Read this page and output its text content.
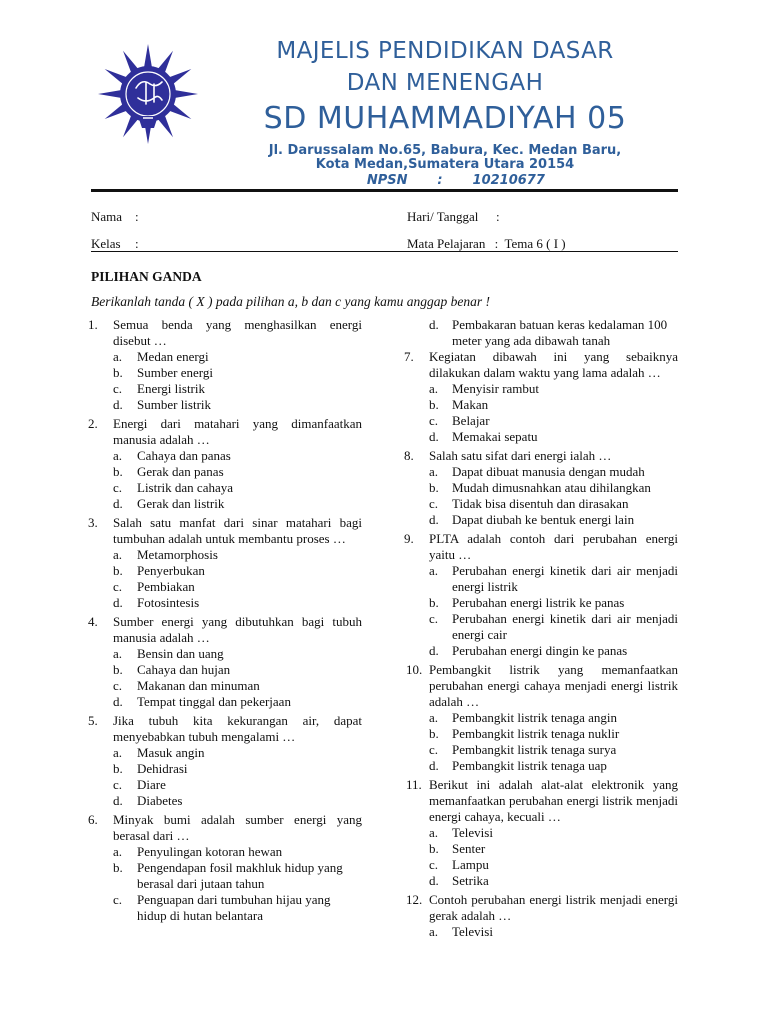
MAJELIS PENDIDIKAN DASAR
DAN MENENGAH
SD MUHAMMADIYAH 05
Jl. Darussalam No.65, Babura, Kec. Medan Baru,
Kota Medan,Sumatera Utara 20154
NPSN : 10210677
Nama :
Kelas :
Hari/ Tanggal :
Mata Pelajaran : Tema 6 ( I )
PILIHAN GANDA
Berikanlah tanda ( X ) pada pilihan a, b dan c yang kamu anggap benar !
1. Semua benda yang menghasilkan energi disebut …
a. Medan energi
b. Sumber energi
c. Energi listrik
d. Sumber listrik
2. Energi dari matahari yang dimanfaatkan manusia adalah …
a. Cahaya dan panas
b. Gerak dan panas
c. Listrik dan cahaya
d. Gerak dan listrik
3. Salah satu manfat dari sinar matahari bagi tumbuhan adalah untuk membantu proses …
a. Metamorphosis
b. Penyerbukan
c. Pembiakan
d. Fotosintesis
4. Sumber energi yang dibutuhkan bagi tubuh manusia adalah …
a. Bensin dan uang
b. Cahaya dan hujan
c. Makanan dan minuman
d. Tempat tinggal dan pekerjaan
5. Jika tubuh kita kekurangan air, dapat menyebabkan tubuh mengalami …
a. Masuk angin
b. Dehidrasi
c. Diare
d. Diabetes
6. Minyak bumi adalah sumber energi yang berasal dari …
a. Penyulingan kotoran hewan
b. Pengendapan fosil makhluk hidup yang berasal dari jutaan tahun
c. Penguapan dari tumbuhan hijau yang hidup di hutan belantara
d. Pembakaran batuan keras kedalaman 100 meter yang ada dibawah tanah
7. Kegiatan dibawah ini yang sebaiknya dilakukan dalam waktu yang lama adalah …
a. Menyisir rambut
b. Makan
c. Belajar
d. Memakai sepatu
8. Salah satu sifat dari energi ialah …
a. Dapat dibuat manusia dengan mudah
b. Mudah dimusnahkan atau dihilangkan
c. Tidak bisa disentuh dan dirasakan
d. Dapat diubah ke bentuk energi lain
9. PLTA adalah contoh dari perubahan energi yaitu …
a. Perubahan energi kinetik dari air menjadi energi listrik
b. Perubahan energi listrik ke panas
c. Perubahan energi kinetik dari air menjadi energi cair
d. Perubahan energi dingin ke panas
10. Pembangkit listrik yang memanfaatkan perubahan energi cahaya menjadi energi listrik adalah …
a. Pembangkit listrik tenaga angin
b. Pembangkit listrik tenaga nuklir
c. Pembangkit listrik tenaga surya
d. Pembangkit listrik tenaga uap
11. Berikut ini adalah alat-alat elektronik yang memanfaatkan perubahan energi listrik menjadi energi cahaya, kecuali …
a. Televisi
b. Senter
c. Lampu
d. Setrika
12. Contoh perubahan energi listrik menjadi energi gerak adalah …
a. Televisi
